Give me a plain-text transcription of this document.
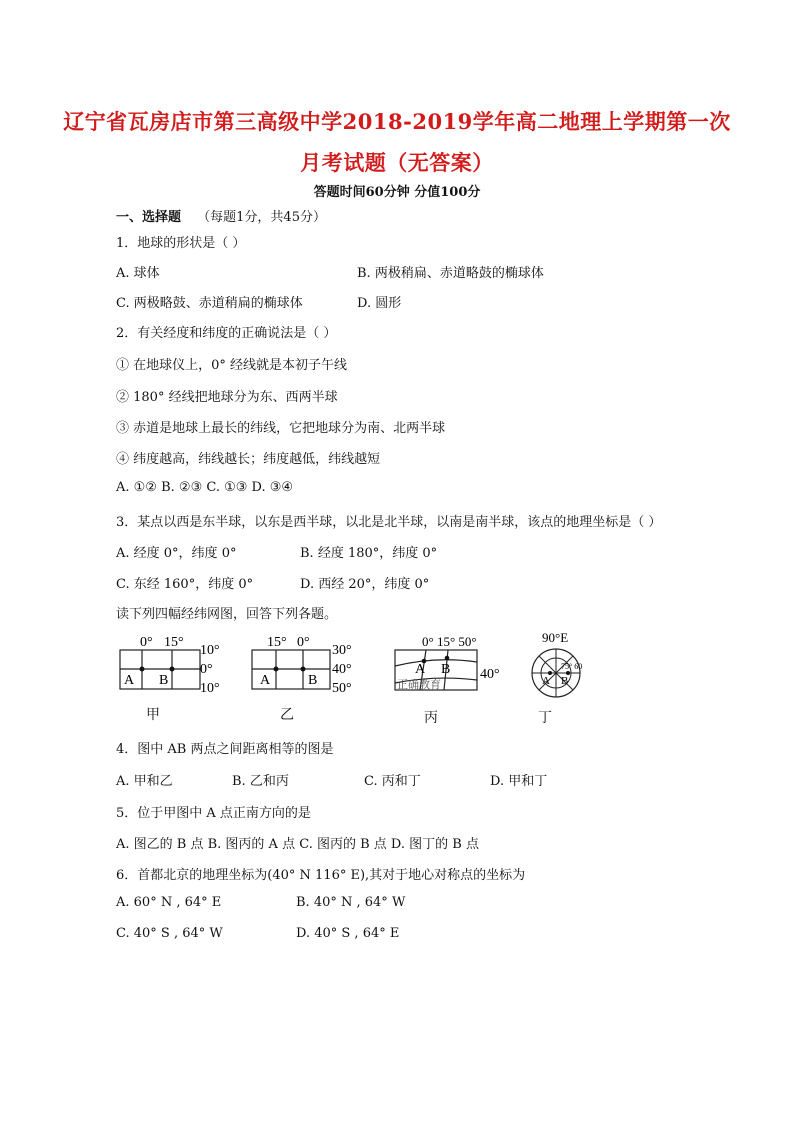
辽宁省瓦房店市第三高级中学2018-2019学年高二地理上学期第一次
月考试题（无答案）
答题时间60分钟 分值100分
一、选择题 （每题1分，共45分）
1．地球的形状是（ ）
A. 球体	B. 两极稍扁、赤道略鼓的椭球体
C. 两极略鼓、赤道稍扁的椭球体	D. 圆形
2．有关经度和纬度的正确说法是（ ）
① 在地球仪上，0° 经线就是本初子午线
② 180° 经线把地球分为东、西两半球
③ 赤道是地球上最长的纬线，它把地球分为南、北两半球
④ 纬度越高，纬线越长；纬度越低，纬线越短
A. ①② B. ②③ C. ①③ D. ③④
3．某点以西是东半球，以东是西半球，以北是北半球，以南是南半球，该点的地理坐标是（ ）
A. 经度 0°，纬度 0°	B. 经度 180°，纬度 0°
C. 东经 160°，纬度 0°	D. 西经 20°，纬度 0°
读下列四幅经纬网图，回答下列各题。
0° 15°
A B
10°
0°
10°
15° 0°
A	B
30°
40°
50°
0° 15° 50°
A B
正确教育
40°
90°E
A B
75° 60
甲	乙	丙	丁
4．图中 AB 两点之间距离相等的图是
A. 甲和乙	B. 乙和丙	C. 丙和丁	D. 甲和丁
5．位于甲图中 A 点正南方向的是
A. 图乙的 B 点 B. 图丙的 A 点 C. 图丙的 B 点 D. 图丁的 B 点
6．首都北京的地理坐标为(40° N 116° E),其对于地心对称点的坐标为
A. 60° N , 64° E	B. 40° N , 64° W
C. 40° S , 64° W	D. 40° S , 64° E
